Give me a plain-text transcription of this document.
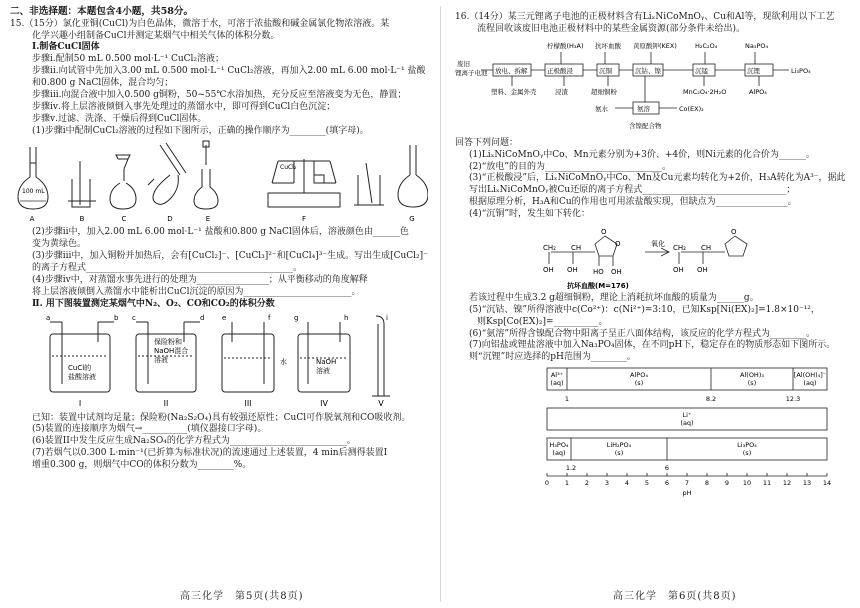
二、非选择题：本题包含4小题，共58分。

15.（15分）氯化亚铜(CuCl)为白色晶体，微溶于水，可溶于浓盐酸和碱金属氯化物浓溶液。某

化学兴趣小组制备CuCl并测定某烟气中相关气体的体积分数。

I.制备CuCl固体

步骤ⅰ.配制50 mL 0.500 mol·L⁻¹ CuCl₂溶液；

步骤ⅱ.向试管中先加入3.00 mL 0.500 mol·L⁻¹ CuCl₂溶液，再加入2.00 mL 6.00 mol·L⁻¹ 盐酸

和0.800 g NaCl固体，混合均匀；

步骤ⅲ.向混合液中加入0.500 g铜粉，50~55℃水浴加热，充分反应至溶液变为无色，静置；

步骤ⅳ.将上层溶液倾倒入事先处理过的蒸馏水中，即可得到CuCl白色沉淀；

步骤ⅴ.过滤、洗涤、干燥后得到CuCl固体。

(1)步骤ⅰ中配制CuCl₂溶液的过程如下图所示，正确的操作顺序为________(填字母)。

100 mL
CuCl₂
A	B	C	D	E	F	G

(2)步骤ⅱ中，加入2.00 mL 6.00 mol·L⁻¹ 盐酸和0.800 g NaCl固体后，溶液颜色由______色

变为黄绿色。

(3)步骤ⅲ中，加入铜粉并加热后，会有[CuCl₂]⁻、[CuCl₃]²⁻和[CuCl₄]³⁻生成。写出生成[CuCl₂]⁻

的离子方程式______________________________________________。

(4)步骤ⅳ中，对蒸馏水事先进行的处理为________________；从平衡移动的角度解释

将上层溶液倾倒入蒸馏水中能析出CuCl沉淀的原因为________________________。

Ⅱ. 用下图装置测定某烟气中N₂、O₂、CO和CO₂的体积分数

a	b c	d	e	f	g	h	i
CuCl的
盐酸溶液
保险粉和
NaOH混合
溶液	水	NaOH
溶液
I	II	III	IV	V

已知：装置中试剂均足量；保险粉(Na₂S₂O₄)具有较强还原性；CuCl可作脱氧剂和CO吸收剂。

(5)装置的连接顺序为烟气→__________(填仪器接口字母)。

(6)装置II中发生反应生成Na₂SO₄的化学方程式为__________________________。

(7)若烟气以0.300 L·min⁻¹(已折算为标准状况)的流速通过上述装置，4 min后测得装置I

增重0.300 g，则烟气中CO的体积分数为________%。

高三化学　第5页(共8页)

16.（14分）某三元锂离子电池的正极材料含有LiₓNiCoMnOᵧ、Cu和Al等，现欲利用以下工艺

流程回收该废旧电池正极材料中的某些金属资源(部分条件未给出)。

柠檬酸(H₃A) 抗坏血酸 黄原酸钾(KEX)	H₂C₂O₄	Na₃PO₄
废旧
锂离子电池 放电、拆解	正极酸浸	沉铜	沉钴、镍	沉锰	沉锂	Li₃PO₄
塑料、金属外壳	浸渣	超细铜粉	MnC₂O₄·2H₂O	AlPO₄
氨水	氨溶	Co(EX)₂
含镍配合物

回答下列问题：

(1)LiₓNiCoMnOᵧ中Co、Mn元素分别为+3价、+4价，则Ni元素的化合价为______。

(2)“放电”的目的为__________________________。

(3)“正极酸浸”后，LiₓNiCoMnOᵧ中Co、Mn及Cu元素均转化为+2价，H₃A转化为A³⁻，据此

写出LiₓNiCoMnOᵧ被Cu还原的离子方程式________________________________；

根据原理分析，H₃A和Cu的作用也可用浓盐酸实现，但缺点为________________。

(4)“沉铜”时，发生如下转化：

O
CH
CH₂	O
OH OH HO OH
氧化
O
CH
CH₂
OH OH
抗坏血酸(M=176)

若该过程中生成3.2 g超细铜粉，理论上消耗抗坏血酸的质量为______g。

(5)“沉钴、镍”所得溶液中c(Co²⁺)：c(Ni²⁺)=3:10，已知Ksp[Ni(EX)₂]=1.8×10⁻¹²，

则Ksp[Co(EX)₂]=__________。

(6)“氨溶”所得含镍配合物中阳离子呈正八面体结构，该反应的化学方程式为________。

(7)向铝盐或锂盐溶液中加入Na₃PO₄固体，在不同pH下，稳定存在的物质形态如下图所示。

则“沉锂”时应选择的pH范围为________。

Al³⁺ (aq)
AlPO₄ (s)
Al(OH)₃ (s)
[Al(OH)₄]⁻ (aq)
1	8.2	12.3
Li⁺ (aq)
H₃PO₄ (aq)
LiH₂PO₄ (s)
Li₃PO₄ (s)
1.2	6
0 1 2 3 4 5 6 7 8 9 10 11 12 13 14
pH
高三化学　第6页(共8页)
